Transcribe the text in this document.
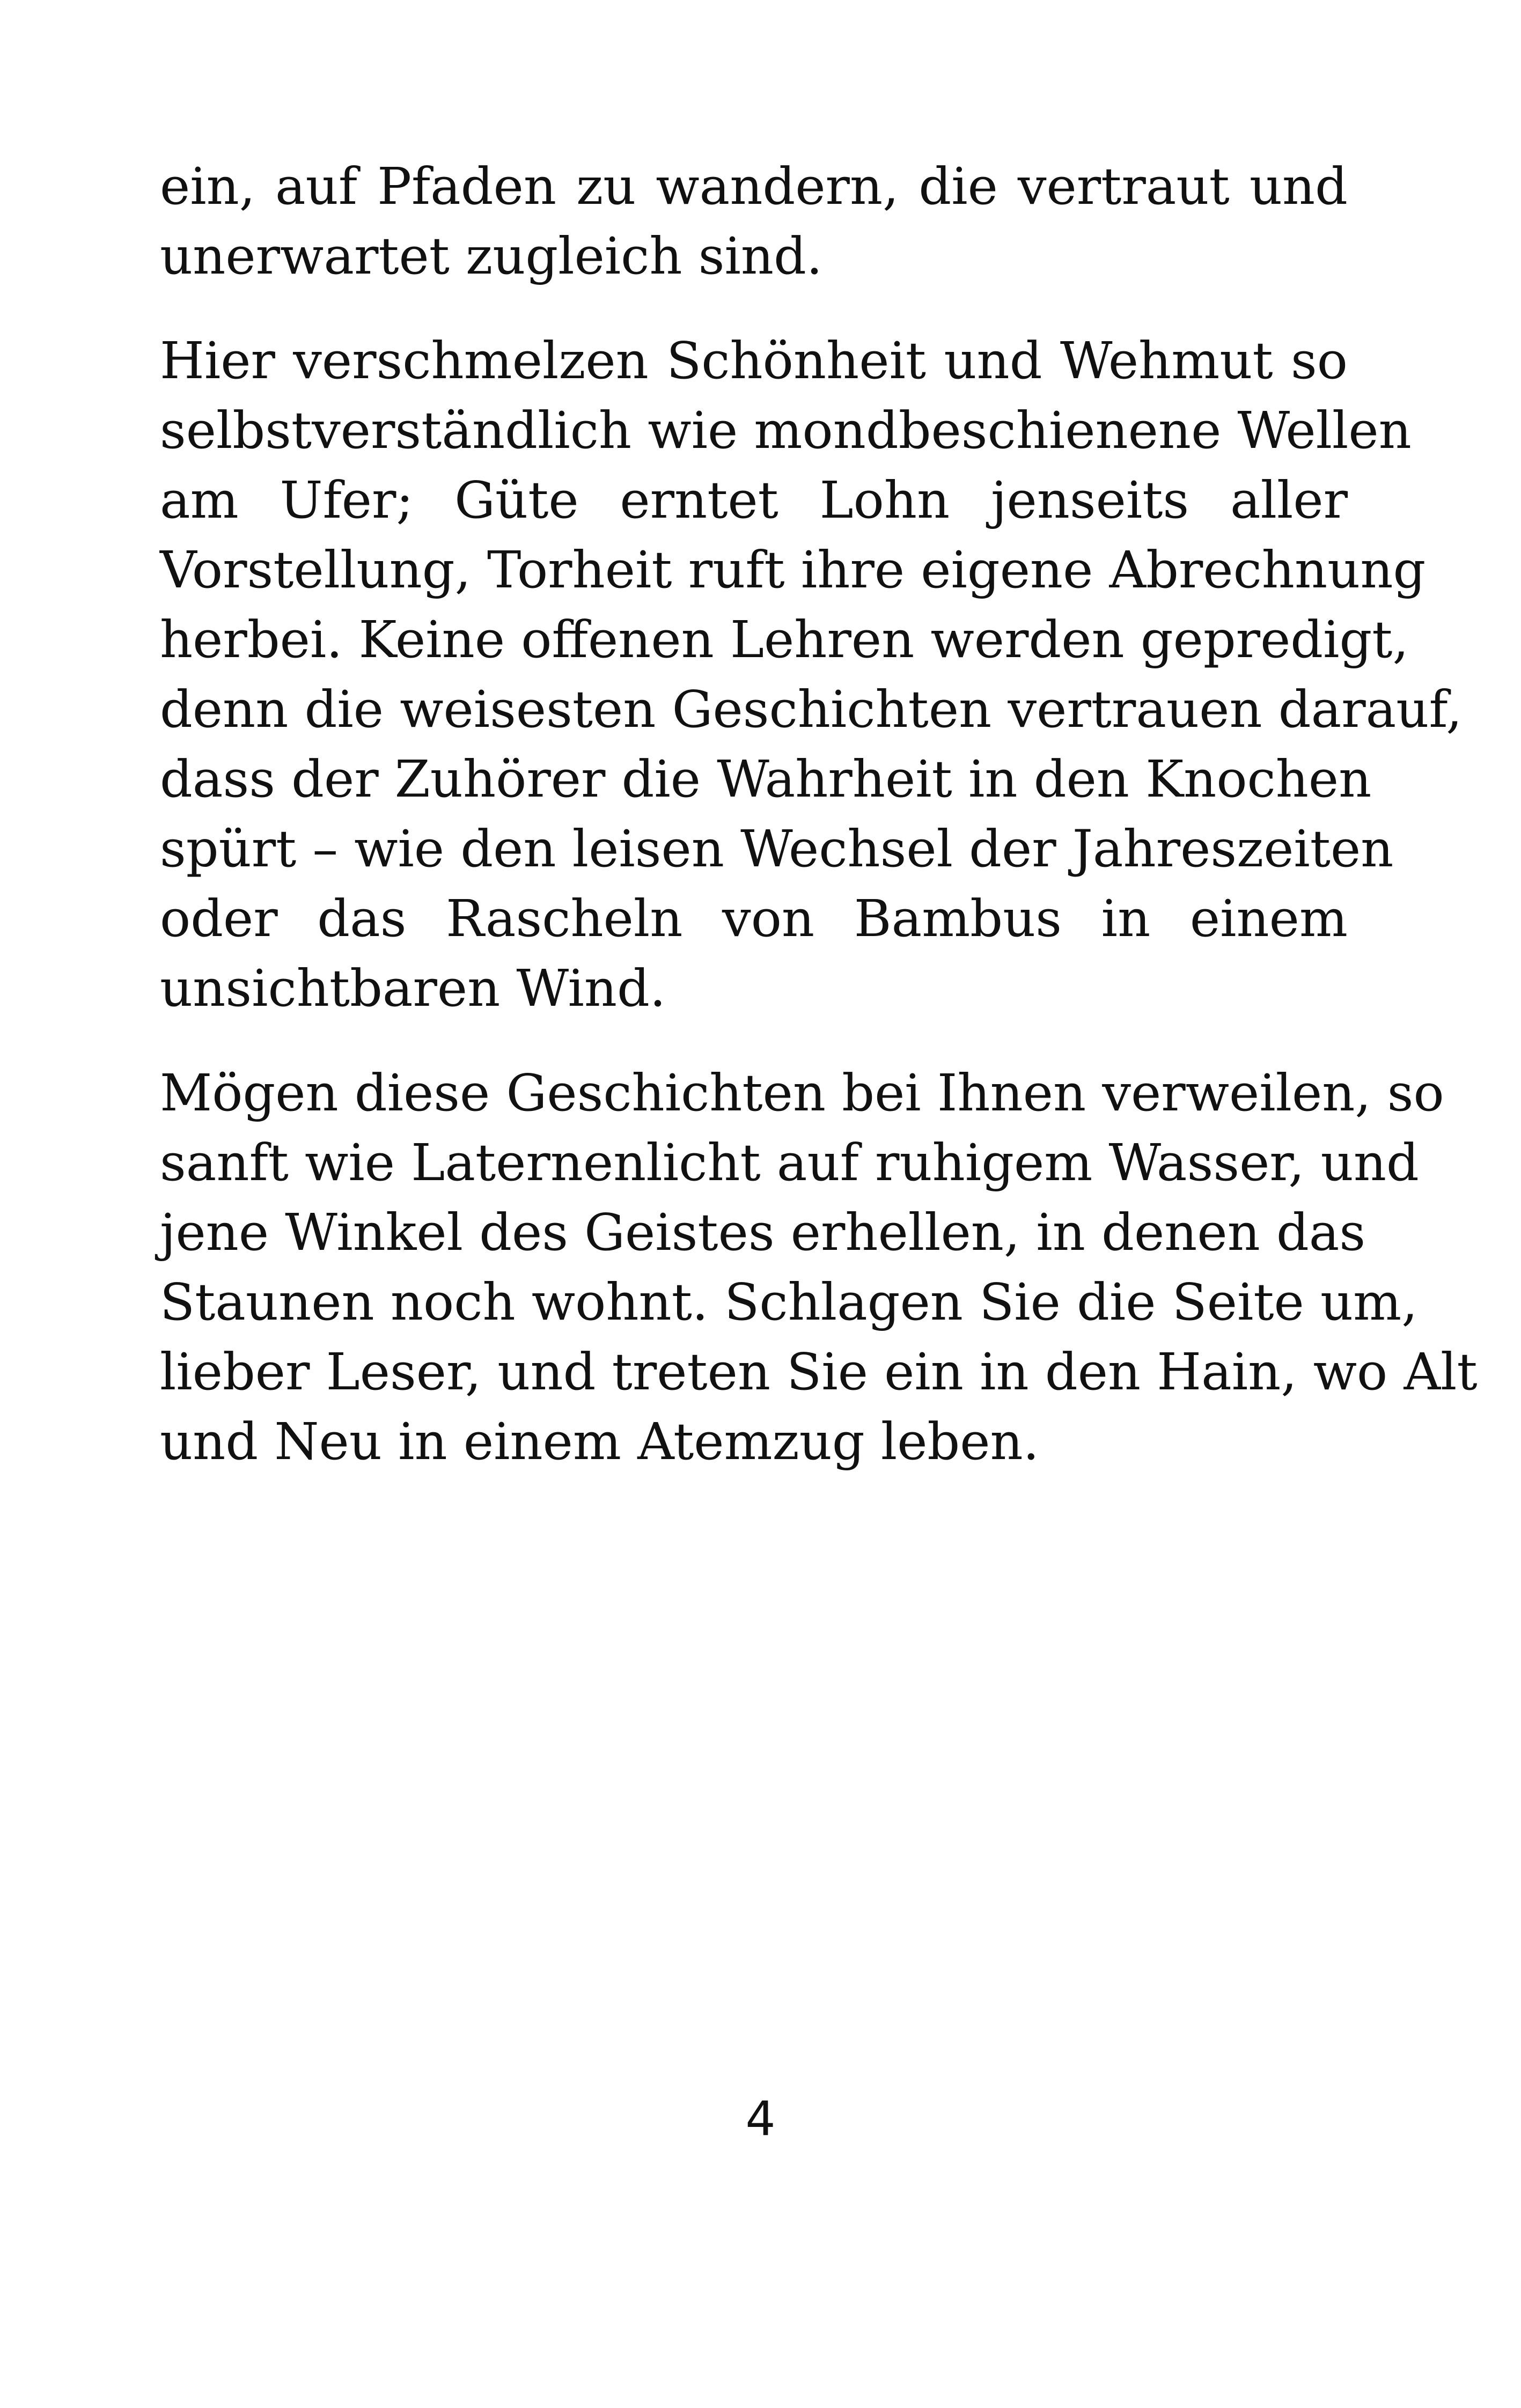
ein, auf Pfaden zu wandern, die vertraut und
unerwartet zugleich sind.
Hier verschmelzen Schönheit und Wehmut so
selbstverständlich wie mondbeschienene Wellen
am Ufer; Güte erntet Lohn jenseits aller
Vorstellung, Torheit ruft ihre eigene Abrechnung
herbei. Keine offenen Lehren werden gepredigt,
denn die weisesten Geschichten vertrauen darauf,
dass der Zuhörer die Wahrheit in den Knochen
spürt – wie den leisen Wechsel der Jahreszeiten
oder das Rascheln von Bambus in einem
unsichtbaren Wind.
Mögen diese Geschichten bei Ihnen verweilen, so
sanft wie Laternenlicht auf ruhigem Wasser, und
jene Winkel des Geistes erhellen, in denen das
Staunen noch wohnt. Schlagen Sie die Seite um,
lieber Leser, und treten Sie ein in den Hain, wo Alt
und Neu in einem Atemzug leben.
4
